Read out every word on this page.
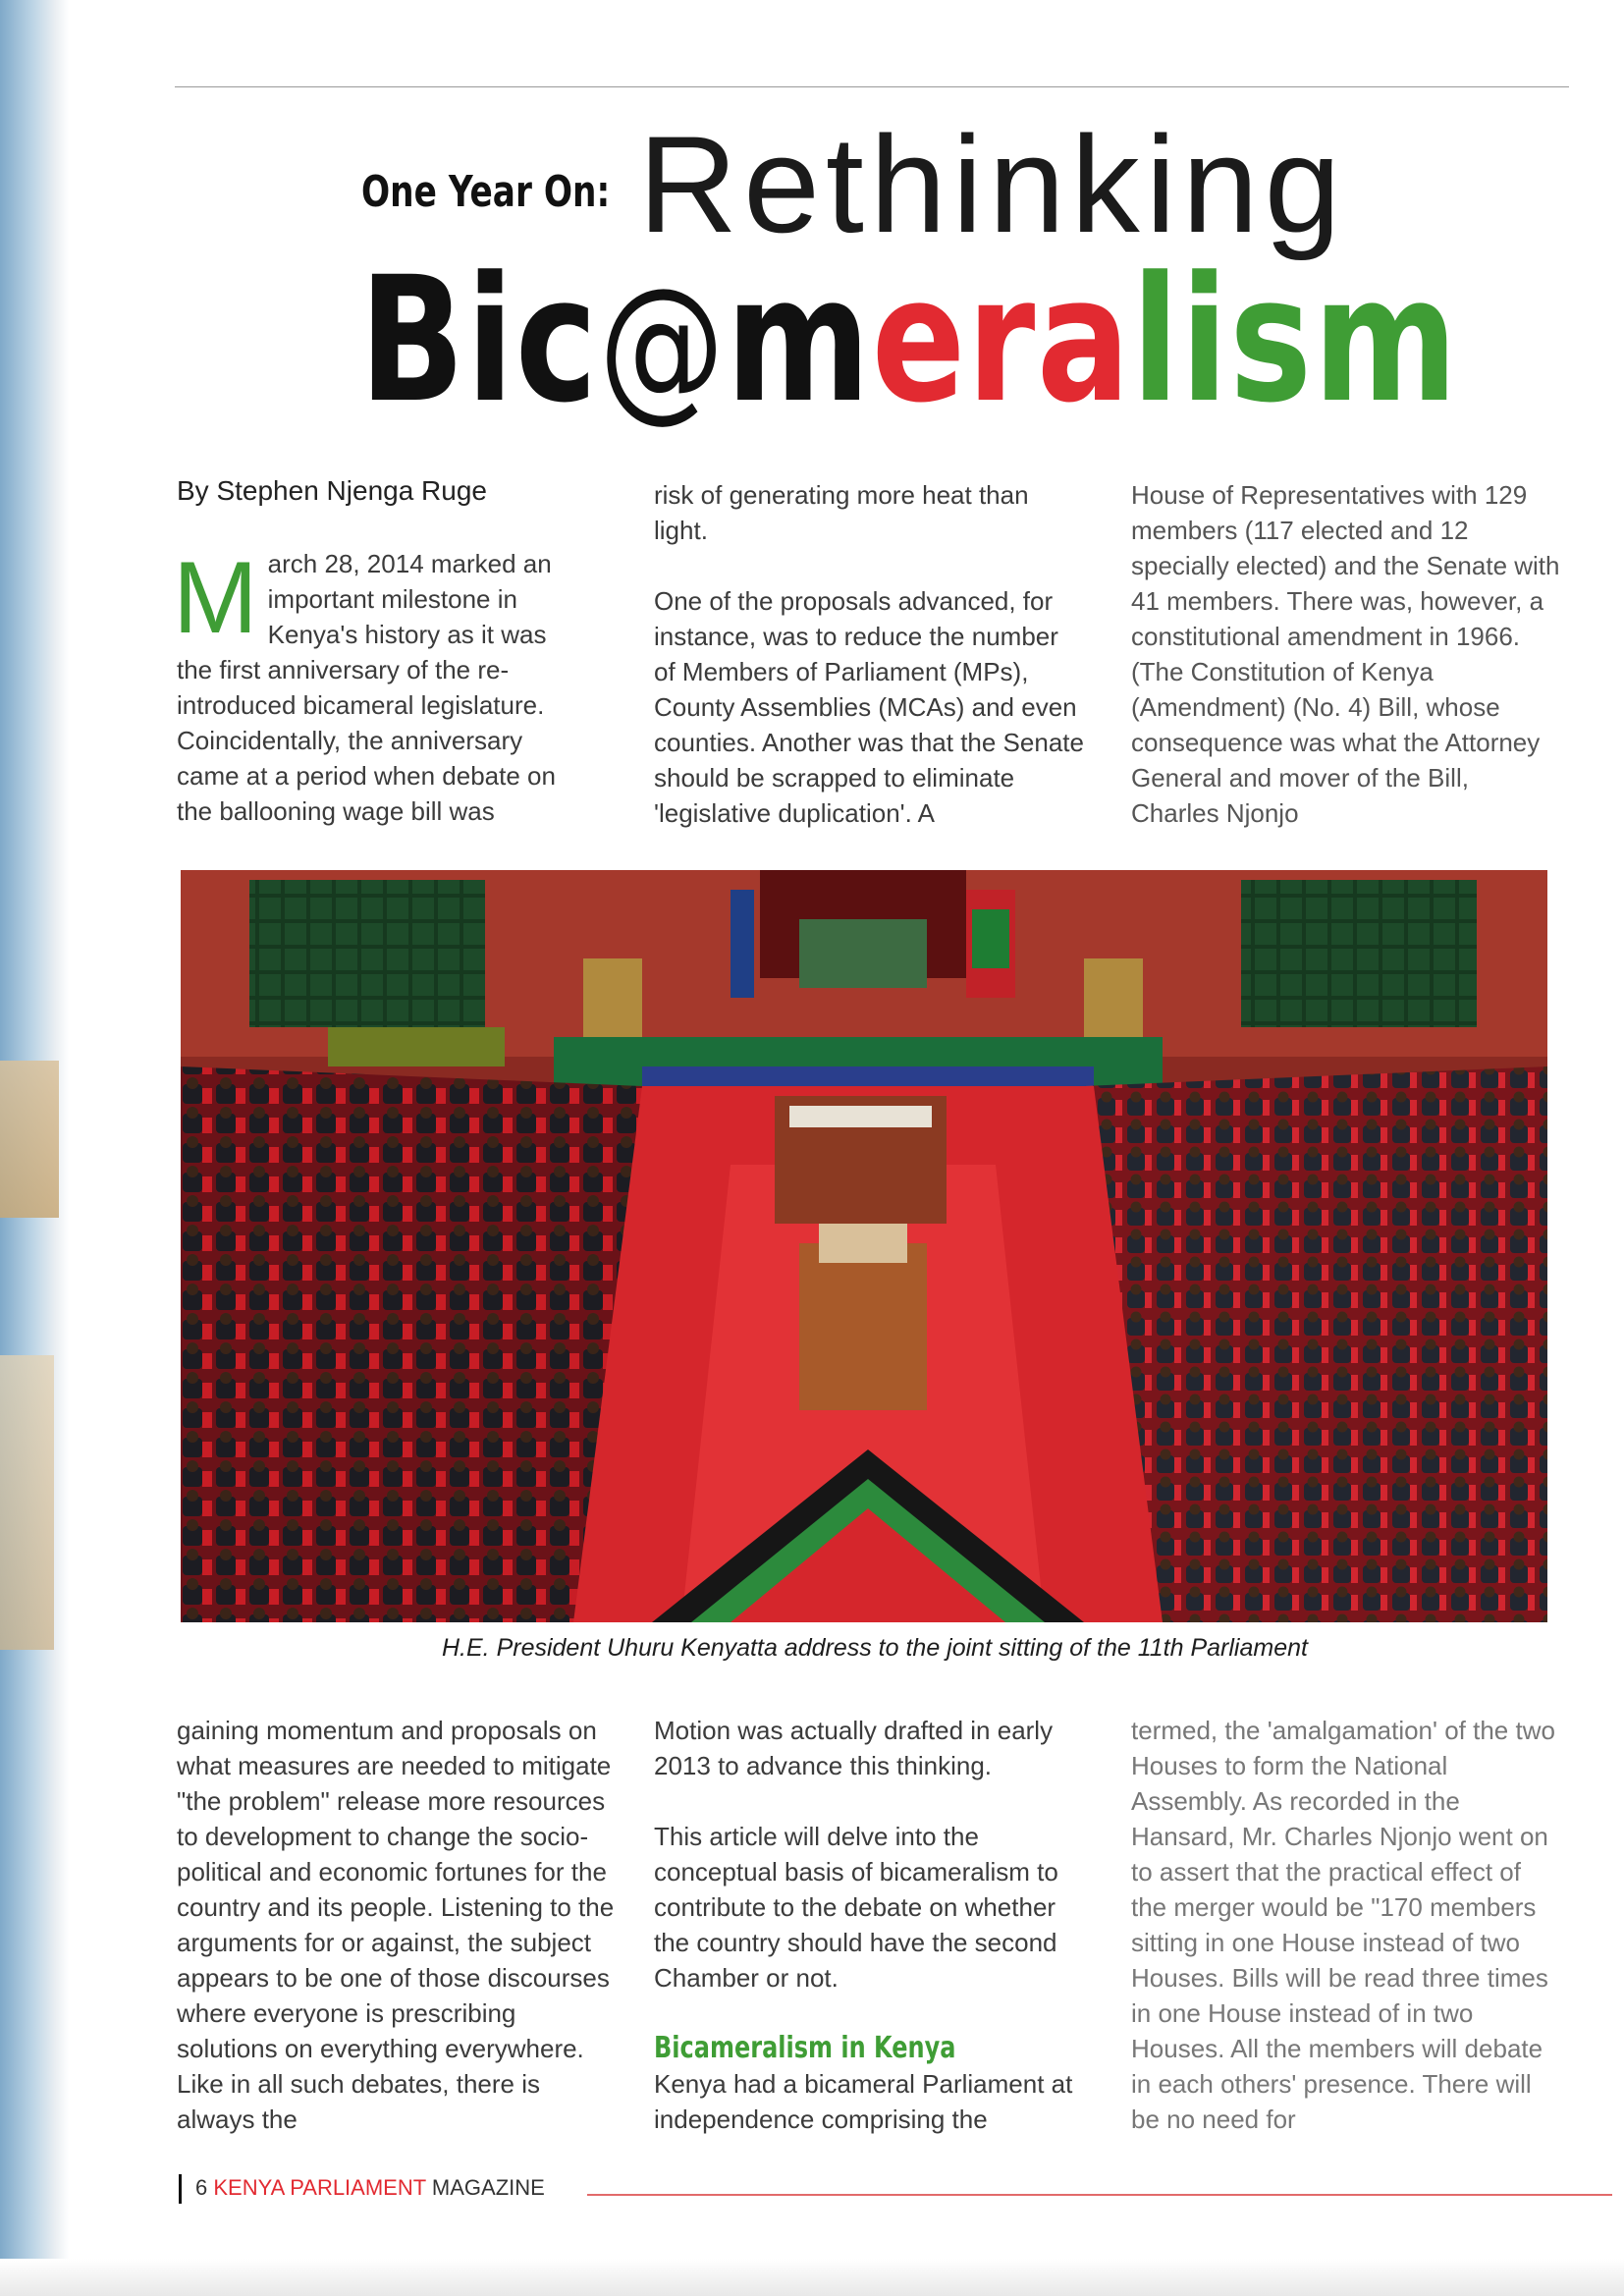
One Year On: Rethinking
Bic@meralism
By Stephen Njenga Ruge
M arch 28, 2014 marked an important milestone in Kenya's history as it was the first anniversary of the re-introduced bicameral legislature. Coincidentally, the anniversary came at a period when debate on the ballooning wage bill was

risk of generating more heat than light.

One of the proposals advanced, for instance, was to reduce the number of Members of Parliament (MPs), County Assemblies (MCAs) and even counties. Another was that the Senate should be scrapped to eliminate 'legislative duplication'. A

House of Representatives with 129 members (117 elected and 12 specially elected) and the Senate with 41 members. There was, however, a constitutional amendment in 1966. (The Constitution of Kenya (Amendment) (No. 4) Bill, whose consequence was what the Attorney General and mover of the Bill, Charles Njonjo

H.E. President Uhuru Kenyatta address to the joint sitting of the 11th Parliament

gaining momentum and proposals on what measures are needed to mitigate "the problem" release more resources to development to change the socio-political and economic fortunes for the country and its people. Listening to the arguments for or against, the subject appears to be one of those discourses where everyone is prescribing solutions on everything everywhere. Like in all such debates, there is always the

Motion was actually drafted in early 2013 to advance this thinking.

This article will delve into the conceptual basis of bicameralism to contribute to the debate on whether the country should have the second Chamber or not.

Bicameralism in Kenya

Kenya had a bicameral Parliament at independence comprising the

termed, the 'amalgamation' of the two Houses to form the National Assembly. As recorded in the Hansard, Mr. Charles Njonjo went on to assert that the practical effect of the merger would be "170 members sitting in one House instead of two Houses. Bills will be read three times in one House instead of in two Houses. All the members will debate in each others' presence. There will be no need for

6 KENYA PARLIAMENT MAGAZINE
